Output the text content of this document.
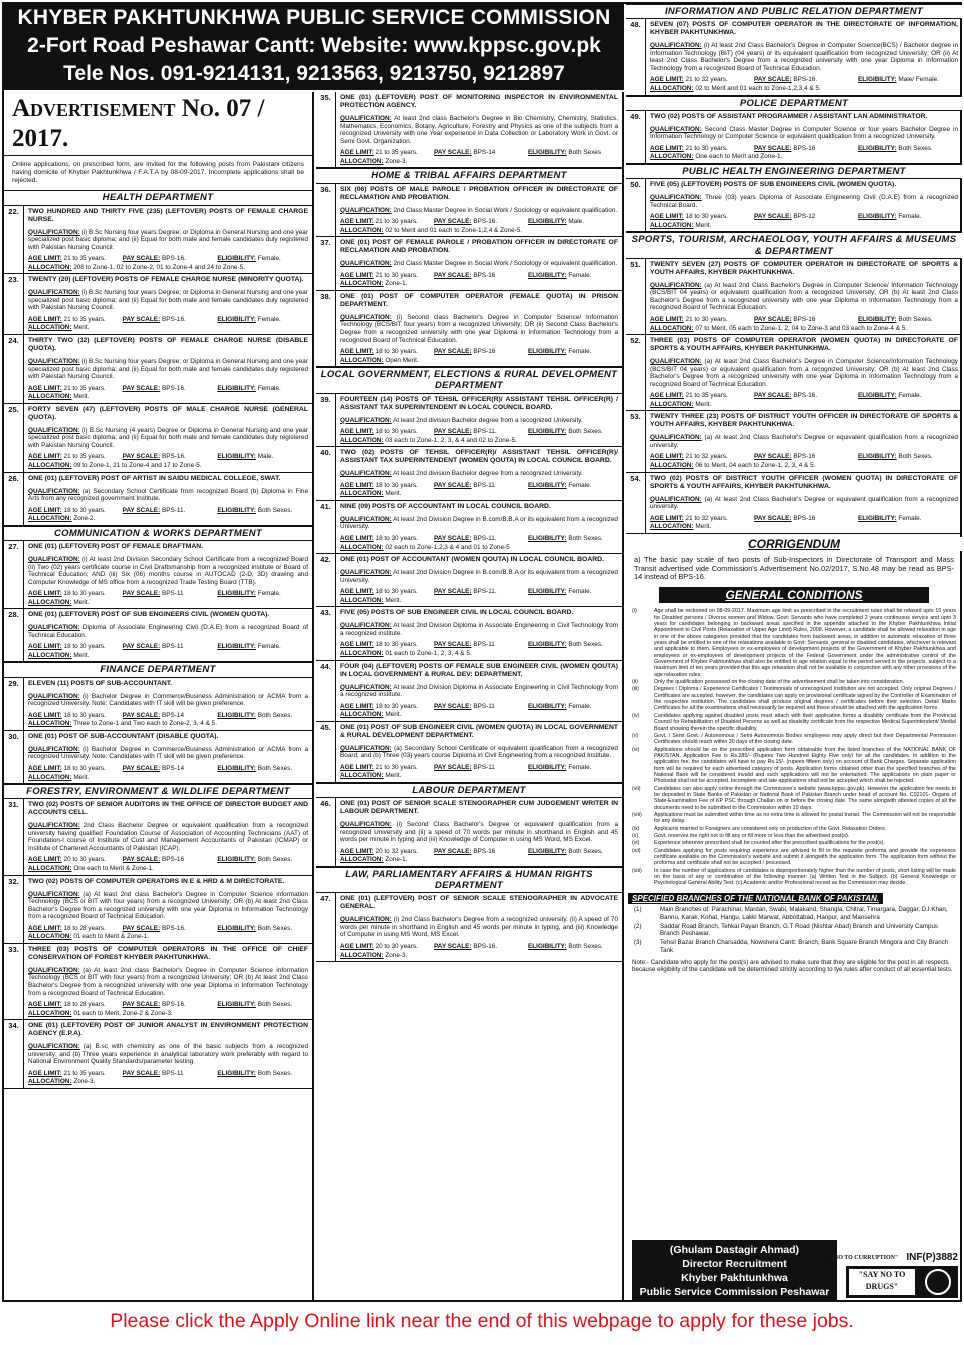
KHYBER PAKHTUNKHWA PUBLIC SERVICE COMMISSION
2-Fort Road Peshawar Cantt: Website: www.kppsc.gov.pk
Tele Nos. 091-9214131, 9213563, 9213750, 9212897
Advertisement No. 07 / 2017.
Online applications, on prescribed form, are invited for the following posts from Pakistani citizens having domicile of Khyber Pakhtunkhwa / F.A.T.A by 08-09-2017. Incomplete applications shall be rejected.
HEALTH DEPARTMENT
22.	TWO HUNDRED AND THIRTY FIVE (235) (LEFTOVER) POSTS OF FEMALE CHARGE NURSE.
QUALIFICATION: (i) B.Sc Nursing four years Degree; or Diploma in General Nursing and one year specialized post basic diploma; and (ii) Equal for both male and female candidates duly registered with Pakistan Nursing Council.
AGE LIMIT: 21 to 35 years.	PAY SCALE: BPS-16.	ELIGIBILITY: Female.
ALLOCATION: 208 to Zone-1, 02 to Zone-2, 01 to Zone-4 and 24 to Zone-5.
23.	TWENTY (20) (LEFTOVER) POSTS OF FEMALE CHARGE NURSE (MINORITY QUOTA).
QUALIFICATION: (i) B.Sc Nursing four years Degree; or Diploma in General Nursing and one year specialized post basic diploma; and (ii) Equal for both male and female candidates duly registered with Pakistan Nursing Council.
AGE LIMIT: 21 to 35 years.	PAY SCALE: BPS-16.	ELIGIBILITY: Female.
ALLOCATION: Merit.
24.	THIRTY TWO (32) (LEFTOVER) POSTS OF FEMALE CHARGE NURSE (DISABLE QUOTA).
QUALIFICATION: (i) B.Sc Nursing four years Degree; or Diploma in General Nursing and one year specialized post basic diploma; and (ii) Equal for both male and female candidates duly registered with Pakistan Nursing Council.
AGE LIMIT: 21 to 35 years.	PAY SCALE: BPS-16.	ELIGIBILITY: Female.
ALLOCATION: Merit.
25.	FORTY SEVEN (47) (LEFTOVER) POSTS OF MALE CHARGE NURSE (GENERAL QUOTA).
QUALIFICATION: (i) B.Sc Nursing (4 years) Degree or Diploma in General Nursing and one year specialized post basic diploma; and (ii) Equal for both male and female candidates duly registered with Pakistan Nursing Council.
AGE LIMIT: 21 to 35 years.	PAY SCALE: BPS-16.	ELIGIBILITY: Male.
ALLOCATION: 09 to Zone-1, 21 to Zone-4 and 17 to Zone-5.
26.	ONE (01) (LEFTOVER) POST OF ARTIST IN SAIDU MEDICAL COLLEGE, SWAT.
QUALIFICATION: (a) Secondary School Certificate from recognized Board (b) Diploma in Fine Arts from any recognized government Institute.
AGE LIMIT: 18 to 30 years.	PAY SCALE: BPS-11.	ELIGIBILITY: Both Sexes.
ALLOCATION: Zone-2.
COMMUNICATION & WORKS DEPARTMENT
27.	ONE (01) (LEFTOVER) POST OF FEMALE DRAFTMAN.
QUALIFICATION: (i) At least 2nd Division Secondary School Certificate from a recognized Board (ii) Two (02) years certificate course in Civil Draftsmanship from a recognized institute or Board of Technical Education; AND (iii) Six (06) months course in AUTOCAD (2-D, 3D) drawing and Computer Knowledge of MS office from a recognized Trade Testing Board (TTB).
AGE LIMIT: 18 to 30 years.	PAY SCALE: BPS-11	ELIGIBILITY: Female.
ALLOCATION: Merit.
28.	ONE (01) (LEFTOVER) POST OF SUB ENGINEERS CIVIL (WOMEN QUOTA).
QUALIFICATION: Diploma of Associate Engineering Civil (D.A.E) from a recognized Board of Technical Education.
AGE LIMIT: 18 to 30 years.	PAY SCALE: BPS-11	ELIGIBILITY: Female.
ALLOCATION: Merit.
FINANCE DEPARTMENT
29.	ELEVEN (11) POSTS OF SUB-ACCOUNTANT.
QUALIFICATION: (i) Bachelor Degree in Commerce/Business Administration or ACMA from a recognized University. Note: Candidates with IT skill will be given preference.
AGE LIMIT: 18 to 30 years.	PAY SCALE: BPS-14	ELIGIBILITY: Both Sexes.
ALLOCATION: Three to Zone-1 and Two each to Zone-2, 3, 4 & 5.
30.	ONE (01) POST OF SUB-ACCOUNTANT (DISABLE QUOTA).
QUALIFICATION: (i) Bachelor Degree in Commerce/Business Administration or ACMA from a recognized University. Note: Candidates with IT skill will be given preference.
AGE LIMIT: 18 to 30 years.	PAY SCALE: BPS-14	ELIGIBILITY: Both Sexes.
ALLOCATION: Merit.
FORESTRY, ENVIRONMENT & WILDLIFE DEPARTMENT
31.	TWO (02) POSTS OF SENIOR AUDITORS IN THE OFFICE OF DIRECTOR BUDGET AND ACCOUNTS CELL.
QUALIFICATION: 2nd Class Bachelor Degree or equivalent qualification from a recognized university having qualified Foundation Course of Association of Accounting Technicians (AAT) of Foundation-I course of Institute of Cost and Management Accountants of Pakistan (ICMAP) or Institute of Chartered Accountants of Pakistan (ICAP).
AGE LIMIT: 20 to 30 years.	PAY SCALE: BPS-16	ELIGIBILITY: Both Sexes.
ALLOCATION: One each to Merit & Zone-1.
32.	TWO (02) POSTS OF COMPUTER OPERATORS IN E & HRD & M DIRECTORATE.
QUALIFICATION: (a) At least 2nd class Bachelor's Degree in Computer Science information Technology (BCS or BIT with four years) from a recognized University; OR (b) At least 2nd Class Bachelor's Degree from a recognized university with one year Diploma in Information Technology from a recognized Board of Technical Education.
AGE LIMIT: 18 to 28 years.	PAY SCALE: BPS-16.	ELIGIBILITY: Both Sexes.
ALLOCATION: 01 each to Merit & Zone-1.
33.	THREE (03) POSTS OF COMPUTER OPERATORS IN THE OFFICE OF CHIEF CONSERVATION OF FOREST KHYBER PAKHTUNKHWA.
QUALIFICATION: (a) At least 2nd class Bachelor's Degree in Computer Science information Technology (BCS or BIT with four years) from a recognized University; OR (b) At least 2nd Class Bachelor's Degree from a recognized university with one year Diploma in Information Technology from a recognized Board of Technical Education.
AGE LIMIT: 18 to 28 years.	PAY SCALE: BPS-16.	ELIGIBILITY: Both Sexes.
ALLOCATION: 01 each to Merit, Zone-2 & Zone-3.
34.	ONE (01) (LEFTOVER) POST OF JUNIOR ANALYST IN ENVIRONMENT PROTECTION AGENCY (E.P.A).
QUALIFICATION: (a) B.sc with chemistry as one of the basic subjects from a recognized university; and (b) Three years experience in analytical laboratory work preferably with regard to National Environment Quality Standards/parameter testing.
AGE LIMIT: 21 to 35 years.	PAY SCALE: BPS-11	ELIGIBILITY: Both Sexes.
ALLOCATION: Zone-3.
35.	ONE (01) (LEFTOVER) POST OF MONITORING INSPECTOR IN ENVIRONMENTAL PROTECTION AGENCY.
QUALIFICATION: At least 2nd class Bachelor's Degree in Bio Chemistry, Chemistry, Statistics, Mathematics, Economics, Botany, Agriculture, Forestry and Physics as one of the subjects from a recognized University with one Year experience in Data Collection or Laboratory Work in Govt. or Semi Govt. Organization.
AGE LIMIT: 21 to 35 years.	PAY SCALE: BPS-14	ELIGIBILITY: Both Sexes
ALLOCATION: Zone-3.
HOME & TRIBAL AFFAIRS DEPARTMENT
36.	SIX (06) POSTS OF MALE PAROLE / PROBATION OFFICER IN DIRECTORATE OF RECLAMATION AND PROBATION.
QUALIFICATION: 2nd Class Master Degree in Social Work / Sociology or equivalent qualification.
AGE LIMIT: 21 to 30 years.	PAY SCALE: BPS-16.	ELIGIBILITY: Male.
ALLOCATION: 02 to Merit and 01 each to Zone-1,2,4 & Zone-5.
37.	ONE (01) POST OF FEMALE PAROLE / PROBATION OFFICER IN DIRECTORATE OF RECLAMATION AND PROBATION.
QUALIFICATION: 2nd Class Master Degree in Social Work / Sociology or equivalent qualification.
AGE LIMIT: 21 to 30 years.	PAY SCALE: BPS-16	ELIGIBILITY: Female.
ALLOCATION: Zone-1.
38.	ONE (01) POST OF COMPUTER OPERATOR (FEMALE QUOTA) IN PRISON DEPARTMENT.
QUALIFICATION: (i) Second class Bachelor's Degree in Computer Science/ Information Technology (BCS/BIT four years) from a recognized University; OR (ii) Second Class Bachelor's Degree from a recognized university with one year Diploma in Information Technology from a recognized Board of Technical Education.
AGE LIMIT: 18 to 30 years.	PAY SCALE: BPS-16	ELIGIBILITY: Female.
ALLOCATION: Open Merit.
LOCAL GOVERNMENT, ELECTIONS & RURAL DEVELOPMENT DEPARTMENT
39.	FOURTEEN (14) POSTS OF TEHSIL OFFICER(R)/ ASSISTANT TEHSIL OFFICER(R) / ASSISTANT TAX SUPERINTENDENT IN LOCAL COUNCIL BOARD.
QUALIFICATION: At least 2nd division Bachelor degree from a recognized University.
AGE LIMIT: 18 to 30 years.	PAY SCALE: BPS-11.	ELIGIBILITY: Both Sexes.
ALLOCATION: 03 each to Zone-1, 2, 3, & 4 and 02 to Zone-5.
40.	TWO (02) POSTS OF TEHSIL OFFICER(R)/ ASSISTANT TEHSIL OFFICER(R)/ ASSISTANT TAX SUPERINTENDENT (WOMEN QOUTA) IN LOCAL COUNCIL BOARD.
QUALIFICATION: At least 2nd division Bachelor degree from a recognized University.
AGE LIMIT: 18 to 30 years.	PAY SCALE: BPS-11	ELIGIBILITY: Female.
ALLOCATION: Merit.
41.	NINE (09) POSTS OF ACCOUNTANT IN LOCAL COUNCIL BOARD.
QUALIFICATION: At least 2nd Division Degree in B.com/B.B.A or its equivalent from a recognized University.
AGE LIMIT: 18 to 30 years.	PAY SCALE: BPS-11.	ELIGIBILITY: Both Sexes.
ALLOCATION: 02 each to Zone-1,2,3 & 4 and 01 to Zone-5
42.	ONE (01) POST OF ACCOUNTANT (WOMEN QOUTA) IN LOCAL COUNCIL BOARD.
QUALIFICATION: At least 2nd Division Degree in B.com/B.B.A or its equivalent from a recognized University.
AGE LIMIT: 18 to 30 years.	PAY SCALE: BPS-11.	ELIGIBILITY: Female.
ALLOCATION: Merit.
43.	FIVE (05) POSTS OF SUB ENGINEER CIVIL IN LOCAL COUNCIL BOARD.
QUALIFICATION: At least 2nd Division Diploma in Associate Engineering in Civil Technology from a recognized institute.
AGE LIMIT: 18 to 30 years.	PAY SCALE: BPS-11	ELIGIBILITY: Both Sexes.
ALLOCATION: 01 each to Zone-1, 2, 3, 4 & 5.
44.	FOUR (04) (LEFTOVER) POSTS OF FEMALE SUB ENGINEER CIVIL (WOMEN QOUTA) IN LOCAL GOVERNMENT & RURAL DEV: DEPARTMENT.
QUALIFICATION: At least 2nd Division Diploma in Associate Engineering in Civil Technology from a recognized institute.
AGE LIMIT: 18 to 30 years.	PAY SCALE: BPS-11	ELIGIBILITY: Female.
ALLOCATION: Merit.
45.	ONE (01) POST OF SUB ENGINEER CIVIL (WOMEN QUOTA) IN LOCAL GOVERNMENT & RURAL DEVELOPMENT DEPARTMENT.
QUALIFICATION: (a) Secondary School Certificate or equivalent qualification from a recognized Board; and (b) Three (03) years course Diploma in Civil Engineering from a recognized Institute.
AGE LIMIT: 21 to 30 years.	PAY SCALE: BPS-11	ELIGIBILITY: Female.
ALLOCATION: Merit.
LABOUR DEPARTMENT
46.	ONE (01) POST OF SENIOR SCALE STENOGRAPHER CUM JUDGEMENT WRITER IN LABOUR DEPARTMENT.
QUALIFICATION: (i) Second Class Bachelor's Degree or equivalent qualification from a recognized University and (ii) a speed of 70 words per minute in shorthand in English and 45 words per minute in typing and (iii) Knowledge of Computer in using MS Word, MS Excel.
AGE LIMIT: 20 to 32 years.	PAY SCALE: BPS-16	ELIGIBILITY: Both Sexes.
ALLOCATION: Zone-1.
LAW, PARLIAMENTARY AFFAIRS & HUMAN RIGHTS DEPARTMENT
47.	ONE (01) (LEFTOVER) POST OF SENIOR SCALE STENOGRAPHER IN ADVOCATE GENERAL.
QUALIFICATION: (i) 2nd Class Bachelor's Degree from a recognized university. (ii) A speed of 70 words per minute in shorthand in English and 45 words per minute in typing, and (iii) Knowledge of Computer in using MS Word, MS Excel.
AGE LIMIT: 20 to 30 years.	PAY SCALE: BPS-16.	ELIGIBILITY: Both Sexes.
ALLOCATION: Zone-3.
INFORMATION AND PUBLIC RELATION DEPARTMENT
48.	SEVEN (07) POSTS OF COMPUTER OPERATOR IN THE DIRECTORATE OF INFORMATION, KHYBER PAKHTUNKHWA.
QUALIFICATION: (i) At least 2nd Class Bachelor's Degree in Computer Science(BCS) / Bachelor degree in Information Technology (BIT) (04 years) or its equivalent qualification from recognized University; OR (ii) At least 2nd Class Bachelor's Degree from a recognized university with one year Diploma in Information Technology from a recognized Board of Technical Education.
AGE LIMIT: 21 to 32 years.	PAY SCALE: BPS-16.	ELIGIBILITY: Male/ Female.
ALLOCATION: 02 to Merit and 01 each to Zone-1,2,3,4 & 5.
POLICE DEPARTMENT
49.	TWO (02) POSTS OF ASSISTANT PROGRAMMER / ASSISTANT LAN ADMINISTRATOR.
QUALIFICATION: Second Class Master Degree in Computer Science or four years Bachelor Degree in Information Technology or Computer Science or equivalent qualification from a recognized University.
AGE LIMIT: 21 to 30 years.	PAY SCALE: BPS-16	ELIGIBILITY: Both Sexes.
ALLOCATION: One each to Merit and Zone-1.
PUBLIC HEALTH ENGINEERING DEPARTMENT
50.	FIVE (05) (LEFTOVER) POSTS OF SUB ENGINEERS CIVIL (WOMEN QUOTA).
QUALIFICATION: Three (03) years Diploma of Associate Engineering Civil (D.A.E) from a recognized Technical Board.
AGE LIMIT: 18 to 30 years.	PAY SCALE: BPS-12	ELIGIBILITY: Female.
ALLOCATION: Merit.
SPORTS, TOURISM, ARCHAEOLOGY, YOUTH AFFAIRS & MUSEUMS & DEPARTMENT
51.	TWENTY SEVEN (27) POSTS OF COMPUTER OPERATOR IN DIRECTORATE OF SPORTS & YOUTH AFFAIRS, KHYBER PAKHTUNKHWA.
QUALIFICATION: (a) At least 2nd Class Bachelor's Degree in Computer Science/ Information Technology (BCS/BIT 04 years) or equivalent qualification from a recognized University; OR (b) At least 2nd Class Bachelor's Degree from a recognized university with one year Diploma in Information Technology from a recognized Board of Technical Education.
AGE LIMIT: 21 to 30 years.	PAY SCALE: BPS-16	ELIGIBILITY: Both Sexes.
ALLOCATION: 07 to Merit, 05 each to Zone-1, 2, 04 to Zone-3 and 03 each to Zone-4 & 5.
52.	THREE (03) POSTS OF COMPUTER OPERATOR (WOMEN QUOTA) IN DIRECTORATE OF SPORTS & YOUTH AFFAIRS, KHYBER PAKHTUNKHWA.
QUALIFICATION: (a) At least 2nd Class Bachelor's Degree in Computer Science/Information Technology (BCS/BIT 04 years) or equivalent qualification from a recognized University; OR (b) At least 2nd Class Bachelor's Degree from a recognized university with one year Diploma in Information Technology from a recognized Board of Technical Education.
AGE LIMIT: 21 to 35 years.	PAY SCALE: BPS-16.	ELIGIBILITY: Female.
ALLOCATION: Merit.
53.	TWENTY THREE (23) POSTS OF DISTRICT YOUTH OFFICER IN DIRECTORATE OF SPORTS & YOUTH AFFAIRS, KHYBER PAKHTUNKHWA.
QUALIFICATION: (a) At least 2nd Class Bachelor's Degree or equivalent qualification from a recognized university.
AGE LIMIT: 21 to 32 years.	PAY SCALE: BPS-16	ELIGIBILITY: Both Sexes.
ALLOCATION: 06 to Merit, 04 each to Zone-1, 2, 3, 4 & 5.
54.	TWO (02) POSTS OF DISTRICT YOUTH OFFICER (WOMEN QUOTA) IN DIRECTORATE OF SPORTS & YOUTH AFFAIRS, KHYBER PAKHTUNKHWA.
QUALIFICATION: (a) At least 2nd Class Bachelor's Degree or equivalent qualification from a recognized university.
AGE LIMIT: 21 to 32 years.	PAY SCALE: BPS-16	ELIGIBILITY: Female.
ALLOCATION: Merit.
CORRIGENDUM
a) The basic pay scale of two posts of Sub-Inspectors in Directorate of Transport and Mass Transit advertised vide Commission's Advertisement No.02/2017, S.No.48 may be read as BPS-14 instead of BPS-16.
GENERAL CONDITIONS
(i)	Age shall be reckoned on 08-09-2017. Maximum age limit as prescribed in the recruitment rules shall be relaxed upto 10 years for Disabled persons / Divorce women and Widow, Govt: Servants who have completed 2 years continuous service and upto 3 years for candidates belonging to backward areas specified in the appendix attached to the Khyber Pakhtunkhwa Initial Appointment to Civil Posts (Relaxation of Upper Age Limit) Rules, 2008. However, a candidate shall be allowed relaxation in age in one of the above categories provided that the candidates from backward areas, in addition to automatic relaxation of three years shall be entitled to one of the relaxations available to Govt: Servants, general or disabled candidates, whichever is relevant and applicable to them. Employees or ex-employees of development projects of the Government of Khyber Pakhtunkhwa and employees or ex-employees of development projects of the Federal Government under the administrative control of the Government of Khyber Pakhtunkhwa shall also be entitled to age relation equal to the period served in the projects, subject to a maximum limit of ten years provided that this age relaxation shall not be available in conjunction with any other provisions of the age relaxation rules.
(ii)	Only the qualification possessed on the closing date of the advertisement shall be taken into consideration.
(iii)	Degrees / Diploma / Experience Certificates / Testimonials of unrecognized Institution are not accepted. Only original Degrees / Certificates are accepted, however, the candidates can apply on provisional certificate signed by the Controller of Examination of the respective institution. The candidates shall produce original degrees / certificates before their selection. Detail Marks Certificates for all the examinations shall necessarily be required and these should be attached with the application forms.
(iv)	Candidates applying against disabled posts must attach with their application forms a disability certificate from the Provincial Council for Rehabilitation of Disabled Persons as well as disability certificate from the respective Medical Superintendent/ Medial Board showing therein the specific disability.
(v)	Govt. / Semi Govt. / Autonomous / Semi Autonomous Bodies employees may apply direct but their Departmental Permission Certificates should reach within 30 days of the closing date.
(vi)	Applications should be on the prescribed application form obtainable from the listed branches of the NATIONAL BANK OF PAKISTAN. Application Fee is Rs.285/- (Rupees Two Hundred Eighty Five only) for all the candidates. In addition to the application fee, the candidates will have to pay Rs.15/- (rupees fifteen only) on account of Bank Charges. Separate application form will be required for each advertised category of posts. Application forms obtained other than the specified branches of the National Bank will be considered invalid and such applications will not be entertained. The applications on plain paper or Photostat shall not be accepted. Incomplete and late applications shall not be accepted which shall be rejected.
(vii)	Candidates can also apply online through the Commission's website (www.kppsc.gov.pk). However the application fee needs to be deposited in State Banks of Pakistan or National Bank of Pakistan Branch under head of account No. C02101- Organs of State-Examination Fee of KP PSC through Challan on or before the closing date. The same alongwith attested copies of all the documents need to be submitted to the Commission within 10 days.
(viii)	Applications must be submitted within time as no extra time is allowed for postal transit. The Commission will not be responsible for any delay.
(ix)	Applicants married to Foreigners are considered only on production of the Govt. Relaxation Orders.
(x)	Govt. reserves the right not to fill any or fill more or less than the advertised post(s).
(xi)	Experience wherever prescribed shall be counted after the prescribed qualifications for the post(s).
(xii)	Candidates applying for posts requiring experience are advised to fill in the requisite proforma and provide the experience certificate available on the Commission's website and submit it alongwith the application form. The application form without the proforma and certificate shall not be accepted / processed.
(xiii)	In case the number of applications of candidates is disproportionately higher than the number of posts, short listing will be made on the basis of any or combination of the following manner: (a) Written Test in the Subject. (b) General Knowledge or Psychological General Ability Test. (c) Academic and/or Professional record as the Commission may decide.
SPECIFIED BRANCHES OF THE NATIONAL BANK OF PAKISTAN.
(1)	Main Branches of: Parachinar, Mardan, Swabi, Malakand, Shangla, Chitral, Timargara, Daggar, D.I.Khan, Bannu, Karak, Kohat, Hangu, Lakki Marwat, Abbottabad, Haripur, and Mansehra
(2)	Saddar Road Branch, Tehkal Payan Branch, G.T Road (Nishtar Abad) Branch and University Campus Branch Peshawar.
(3)	Tehsil Bazar Branch Charsadda, Nowshera Cantt: Branch, Bank Square Branch Mingora and City Branch Tank
Note:- Candidate who apply for the post(s) are advised to make sure that they are eligible for the post in all respects because eligibility of the candidate will be determined strictly according to tye rules after conduct of all essential tests.
(Ghulam Dastagir Ahmad)
Director Recruitment
Khyber Pakhtunkhwa
Public Service Commission Peshawar
"SAY NO TO CURRUPTION" INF(P)3882
"SAY NO TO DRUGS"
Please click the Apply Online link near the end of this webpage to apply for these jobs.
